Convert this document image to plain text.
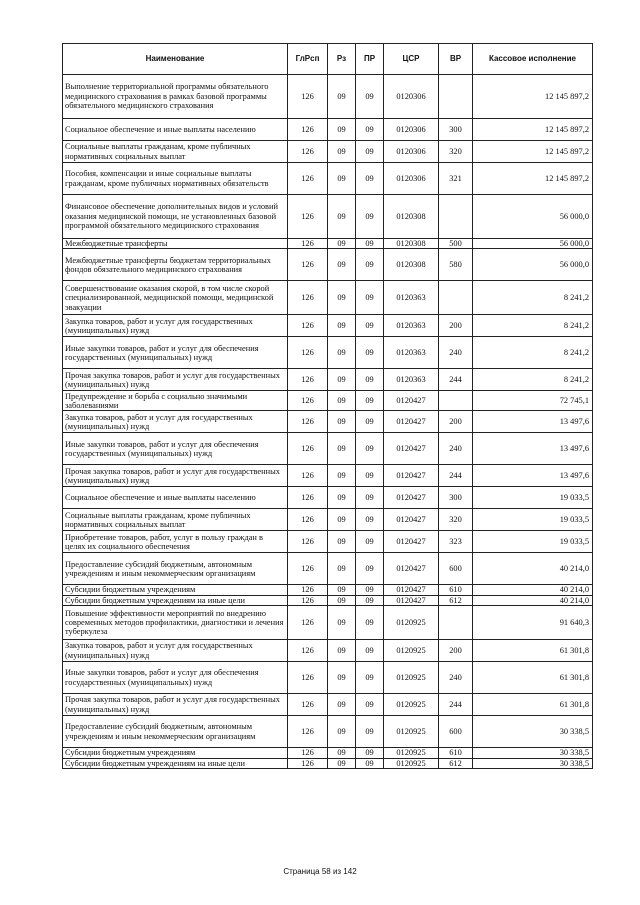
Наименование	ГлРсп	Рз	ПР	ЦСР	ВР	Кассовое исполнение
Выполнение территориальной программы обязательного медицинского страхования в рамках базовой программы обязательного медицинского страхования	126	09	09	0120306		12 145 897,2
Социальное обеспечение и иные выплаты населению	126	09	09	0120306	300	12 145 897,2
Социальные выплаты гражданам, кроме публичных нормативных социальных выплат	126	09	09	0120306	320	12 145 897,2
Пособия, компенсации и иные социальные выплаты гражданам, кроме публичных нормативных обязательств	126	09	09	0120306	321	12 145 897,2
Финансовое обеспечение дополнительных видов и условий оказания медицинской помощи, не установленных базовой программой обязательного медицинского страхования	126	09	09	0120308		56 000,0
Межбюджетные трансферты	126	09	09	0120308	500	56 000,0
Межбюджетные трансферты бюджетам территориальных фондов обязательного медицинского страхования	126	09	09	0120308	580	56 000,0
Совершенствование оказания скорой, в том числе скорой специализированной, медицинской помощи, медицинской эвакуации	126	09	09	0120363		8 241,2
Закупка товаров, работ и услуг для государственных (муниципальных) нужд	126	09	09	0120363	200	8 241,2
Иные закупки товаров, работ и услуг для обеспечения государственных (муниципальных) нужд	126	09	09	0120363	240	8 241,2
Прочая закупка товаров, работ и услуг для государственных (муниципальных) нужд	126	09	09	0120363	244	8 241,2
Предупреждение и борьба с социально значимыми заболеваниями	126	09	09	0120427		72 745,1
Закупка товаров, работ и услуг для государственных (муниципальных) нужд	126	09	09	0120427	200	13 497,6
Иные закупки товаров, работ и услуг для обеспечения государственных (муниципальных) нужд	126	09	09	0120427	240	13 497,6
Прочая закупка товаров, работ и услуг для государственных (муниципальных) нужд	126	09	09	0120427	244	13 497,6
Социальное обеспечение и иные выплаты населению	126	09	09	0120427	300	19 033,5
Социальные выплаты гражданам, кроме публичных нормативных социальных выплат	126	09	09	0120427	320	19 033,5
Приобретение товаров, работ, услуг в пользу граждан в целях их социального обеспечения	126	09	09	0120427	323	19 033,5
Предоставление субсидий бюджетным, автономным учреждениям и иным некоммерческим организациям	126	09	09	0120427	600	40 214,0
Субсидии бюджетным учреждениям	126	09	09	0120427	610	40 214,0
Субсидии бюджетным учреждениям на иные цели	126	09	09	0120427	612	40 214,0
Повышение эффективности мероприятий по внедрению современных методов профилактики, диагностики и лечения туберкулеза	126	09	09	0120925		91 640,3
Закупка товаров, работ и услуг для государственных (муниципальных) нужд	126	09	09	0120925	200	61 301,8
Иные закупки товаров, работ и услуг для обеспечения государственных (муниципальных) нужд	126	09	09	0120925	240	61 301,8
Прочая закупка товаров, работ и услуг для государственных (муниципальных) нужд	126	09	09	0120925	244	61 301,8
Предоставление субсидий бюджетным, автономным учреждениям и иным некоммерческим организациям	126	09	09	0120925	600	30 338,5
Субсидии бюджетным учреждениям	126	09	09	0120925	610	30 338,5
Субсидии бюджетным учреждениям на иные цели	126	09	09	0120925	612	30 338,5
Страница 58 из 142
